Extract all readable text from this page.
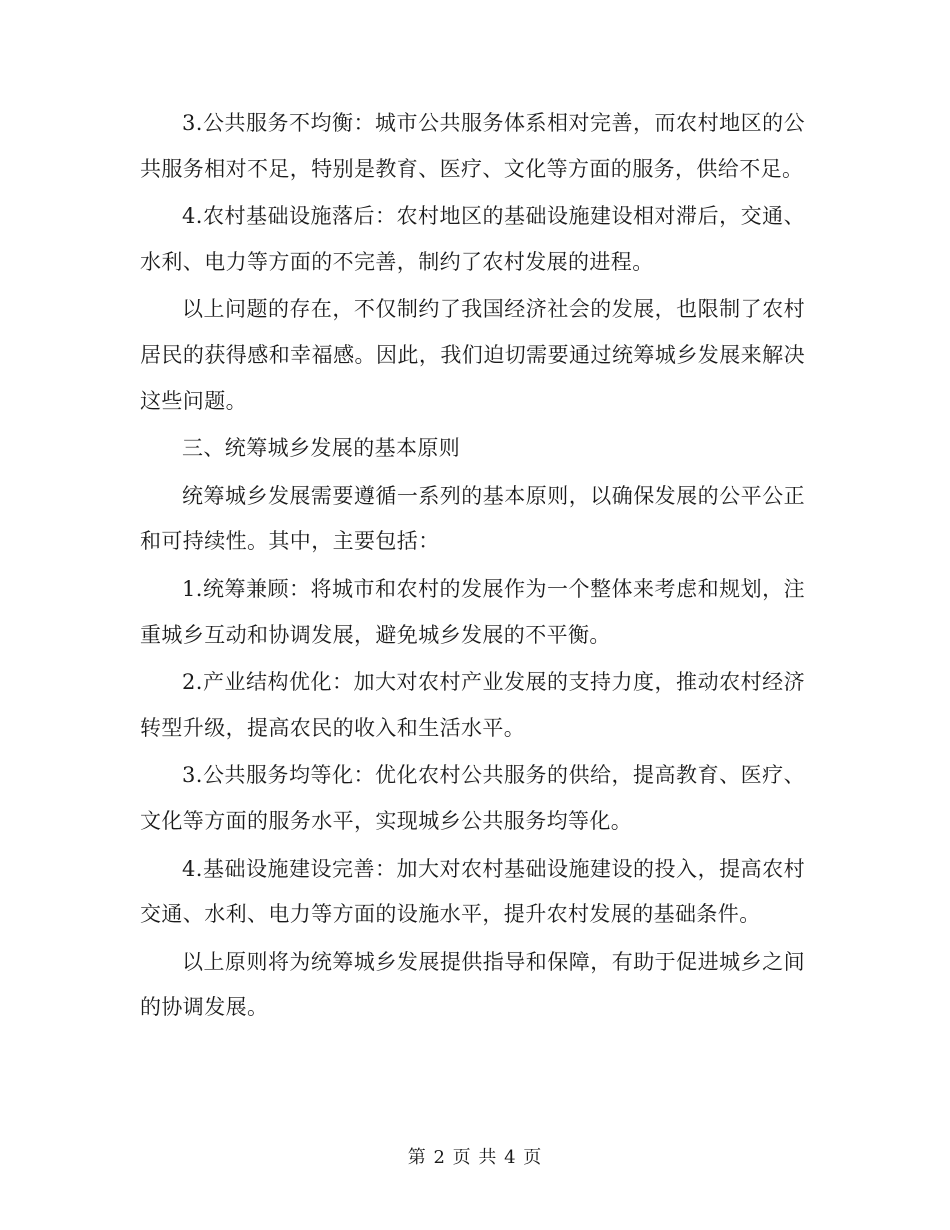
3.公共服务不均衡：城市公共服务体系相对完善，而农村地区的公共服务相对不足，特别是教育、医疗、文化等方面的服务，供给不足。

4.农村基础设施落后：农村地区的基础设施建设相对滞后，交通、水利、电力等方面的不完善，制约了农村发展的进程。

以上问题的存在，不仅制约了我国经济社会的发展，也限制了农村居民的获得感和幸福感。因此，我们迫切需要通过统筹城乡发展来解决这些问题。

三、统筹城乡发展的基本原则

统筹城乡发展需要遵循一系列的基本原则，以确保发展的公平公正和可持续性。其中，主要包括：

1.统筹兼顾：将城市和农村的发展作为一个整体来考虑和规划，注重城乡互动和协调发展，避免城乡发展的不平衡。

2.产业结构优化：加大对农村产业发展的支持力度，推动农村经济转型升级，提高农民的收入和生活水平。

3.公共服务均等化：优化农村公共服务的供给，提高教育、医疗、文化等方面的服务水平，实现城乡公共服务均等化。

4.基础设施建设完善：加大对农村基础设施建设的投入，提高农村交通、水利、电力等方面的设施水平，提升农村发展的基础条件。

以上原则将为统筹城乡发展提供指导和保障，有助于促进城乡之间的协调发展。

第 2 页 共 4 页
